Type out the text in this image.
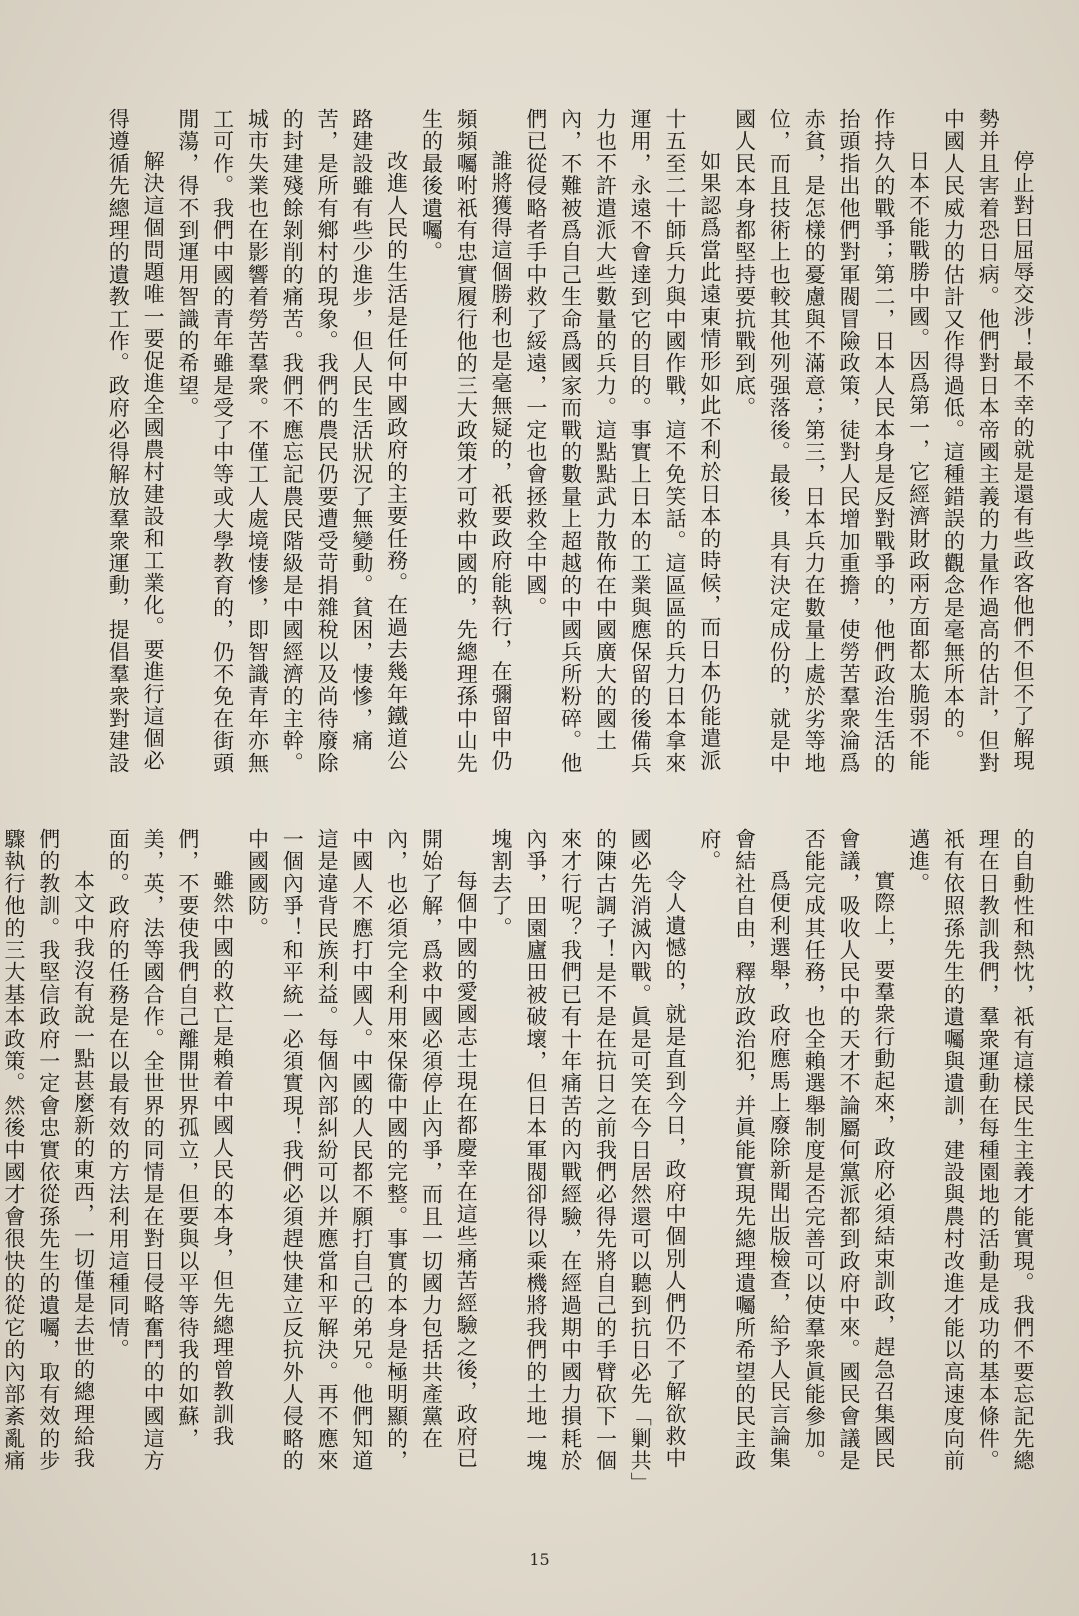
停止對日屈辱交涉！最不幸的就是還有些政客他們不但不了解現勢并且害着恐日病。他們對日本帝國主義的力量作過高的估計，但對中國人民威力的估計又作得過低。這種錯誤的觀念是毫無所本的。

日本不能戰勝中國。因爲第一，它經濟財政兩方面都太脆弱不能作持久的戰爭；第二，日本人民本身是反對戰爭的，他們政治生活的抬頭指出他們對軍閥冒險政策，徒對人民增加重擔，使勞苦羣衆淪爲赤貧，是怎樣的憂慮與不滿意；第三，日本兵力在數量上處於劣等地位，而且技術上也較其他列强落後。最後，具有決定成份的，就是中國人民本身都堅持要抗戰到底。

如果認爲當此遠東情形如此不利於日本的時候，而日本仍能遣派十五至二十師兵力與中國作戰，這不免笑話。這區區的兵力日本拿來運用，永遠不會達到它的目的。事實上日本的工業與應保留的後備兵力也不許遣派大些數量的兵力。這點點武力散佈在中國廣大的國土內，不難被爲自己生命爲國家而戰的數量上超越的中國兵所粉碎。他們已從侵略者手中救了綏遠，一定也會拯救全中國。

誰將獲得這個勝利也是毫無疑的，祇要政府能執行，在彌留中仍頻頻囑咐祇有忠實履行他的三大政策才可救中國的，先總理孫中山先生的最後遺囑。

改進人民的生活是任何中國政府的主要任務。在過去幾年鐵道公路建設雖有些少進步，但人民生活狀況了無變動。貧困，悽慘，痛苦，是所有鄉村的現象。我們的農民仍要遭受苛捐雜稅以及尚待廢除的封建殘餘剝削的痛苦。我們不應忘記農民階級是中國經濟的主幹。城市失業也在影響着勞苦羣衆。不僅工人處境悽慘，即智識青年亦無工可作。我們中國的青年雖是受了中等或大學教育的，仍不免在街頭閒蕩，得不到運用智識的希望。

解決這個問題唯一要促進全國農村建設和工業化。要進行這個必得遵循先總理的遺教工作。政府必得解放羣衆運動，提倡羣衆對建設

的自動性和熱忱，祇有這樣民生主義才能實現。我們不要忘記先總理在日教訓我們，羣衆運動在每種園地的活動是成功的基本條件。祇有依照孫先生的遺囑與遺訓，建設與農村改進才能以高速度向前邁進。

實際上，要羣衆行動起來，政府必須結束訓政，趕急召集國民會議，吸收人民中的天才不論屬何黨派都到政府中來。國民會議是否能完成其任務，也全賴選舉制度是否完善可以使羣衆眞能參加。

爲便利選舉，政府應馬上廢除新聞出版檢查，給予人民言論集會結社自由，釋放政治犯，并眞能實現先總理遺囑所希望的民主政府。

令人遺憾的，就是直到今日，政府中個別人們仍不了解欲救中國必先消滅內戰。眞是可笑在今日居然還可以聽到抗日必先「剿共」的陳古調子！是不是在抗日之前我們必得先將自己的手臂砍下一個來才行呢？我們已有十年痛苦的內戰經驗，在經過期中國力損耗於內爭，田園廬田被破壞，但日本軍閥卻得以乘機將我們的土地一塊塊割去了。

每個中國的愛國志士現在都慶幸在這些痛苦經驗之後，政府已開始了解，爲救中國必須停止內爭，而且一切國力包括共產黨在內，也必須完全利用來保衞中國的完整。事實的本身是極明顯的，中國人不應打中國人。中國的人民都不願打自己的弟兄。他們知道這是違背民族利益。每個內部糾紛可以并應當和平解決。再不應來一個內爭！和平統一必須實現！我們必須趕快建立反抗外人侵略的中國國防。

雖然中國的救亡是賴着中國人民的本身，但先總理曾教訓我們，不要使我們自己離開世界孤立，但要與以平等待我的如蘇，美，英，法等國合作。全世界的同情是在對日侵略奮鬥的中國這方面的。政府的任務是在以最有效的方法利用這種同情。

本文中我沒有說一點甚麼新的東西，一切僅是去世的總理給我們的教訓。我堅信政府一定會忠實依從孫先生的遺囑，取有效的步驟執行他的三大基本政策。然後中國才會很快的從它的內部紊亂痛

15
